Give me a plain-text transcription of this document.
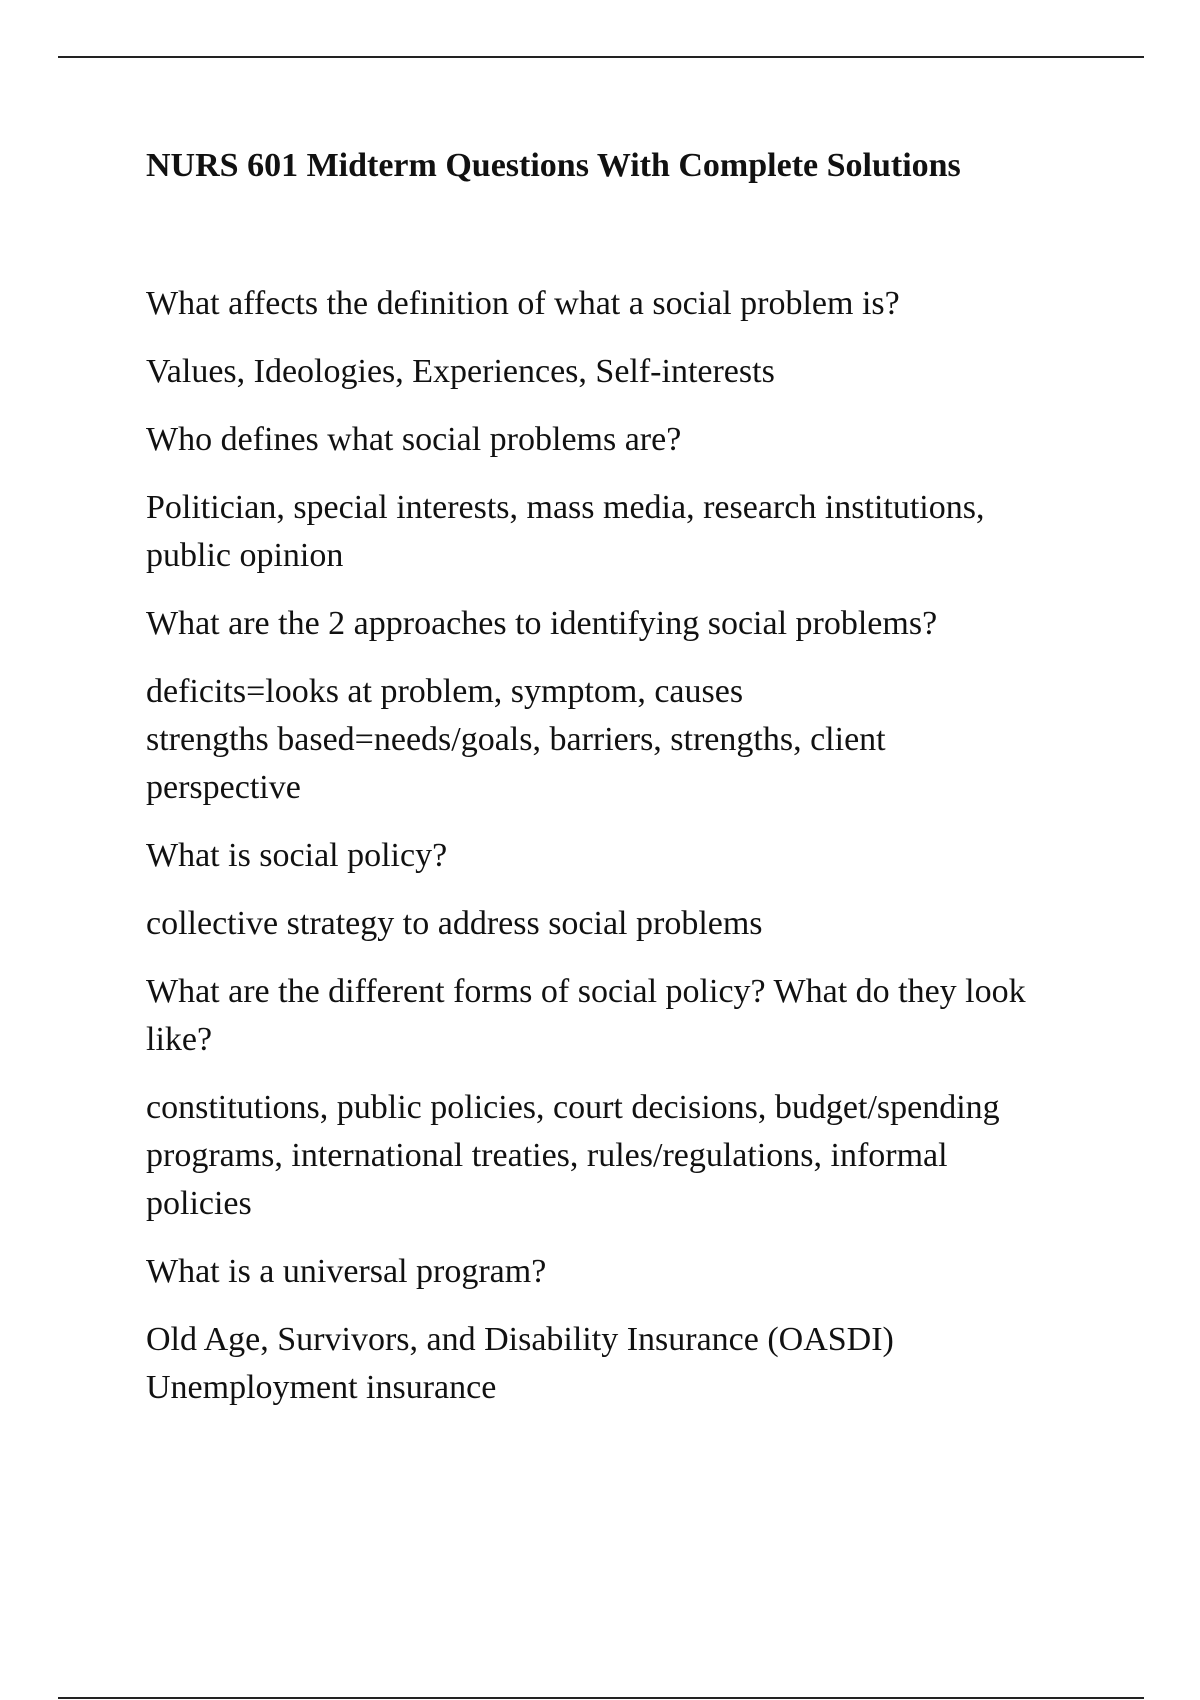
NURS 601 Midterm Questions With Complete Solutions

What affects the definition of what a social problem is?

Values, Ideologies, Experiences, Self-interests

Who defines what social problems are?

Politician, special interests, mass media, research institutions,
public opinion

What are the 2 approaches to identifying social problems?

deficits=looks at problem, symptom, causes
strengths based=needs/goals, barriers, strengths, client
perspective

What is social policy?

collective strategy to address social problems

What are the different forms of social policy? What do they look
like?

constitutions, public policies, court decisions, budget/spending
programs, international treaties, rules/regulations, informal
policies

What is a universal program?

Old Age, Survivors, and Disability Insurance (OASDI)
Unemployment insurance
